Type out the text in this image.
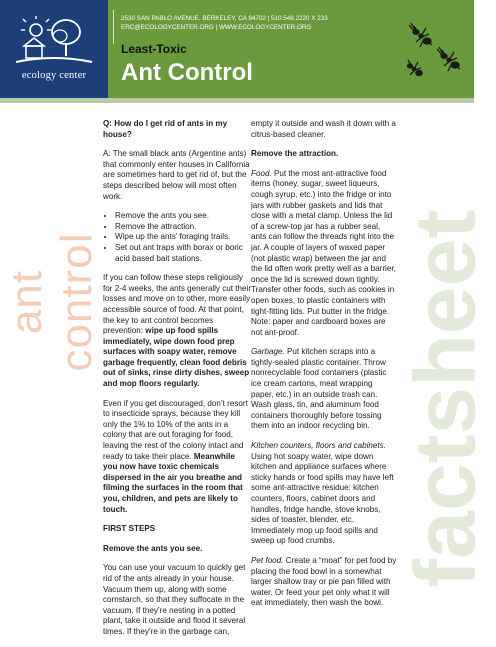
ecology center
2530 SAN PABLO AVENUE, BERKELEY, CA 94702 | 510.548.2220 X 233
ERC@ECOLOGYCENTER.ORG | WWW.ECOLOGYCENTER.ORG
Least-Toxic
Ant Control
ant control	factsheet

Q: How do I get rid of ants in my house?

A: The small black ants (Argentine ants) that commonly enter houses in California are sometimes hard to get rid of, but the steps described below will most often work.

• Remove the ants you see.
• Remove the attraction.
• Wipe up the ants’ foraging trails.
• Set out ant traps with borax or boric acid based bait stations.

If you can follow these steps religiously for 2-4 weeks, the ants generally cut their losses and move on to other, more easily accessible source of food. At that point, the key to ant control becomes prevention: wipe up food spills immediately, wipe down food prep surfaces with soapy water, remove garbage frequently, clean food debris out of sinks, rinse dirty dishes, sweep and mop floors regularly.

Even if you get discouraged, don’t resort to insecticide sprays, because they kill only the 1% to 10% of the ants in a colony that are out foraging for food, leaving the rest of the colony intact and ready to take their place. Meanwhile you now have toxic chemicals dispersed in the air you breathe and filming the surfaces in the room that you, children, and pets are likely to touch.

FIRST STEPS

Remove the ants you see.

You can use your vacuum to quickly get rid of the ants already in your house. Vacuum them up, along with some cornstarch, so that they suffocate in the vacuum. If they’re nesting in a potted plant, take it outside and flood it several times. If they’re in the garbage can,

empty it outside and wash it down with a citrus-based cleaner.

Remove the attraction.

Food. Put the most ant-attractive food items (honey, sugar, sweet liqueurs, cough syrup, etc.) into the fridge or into jars with rubber gaskets and lids that close with a metal clamp. Unless the lid of a screw-top jar has a rubber seal, ants can follow the threads right into the jar. A couple of layers of waxed paper (not plastic wrap) between the jar and the lid often work pretty well as a barrier, once the lid is screwed down tightly. Transfer other foods, such as cookies in open boxes, to plastic containers with tight-fitting lids. Put butter in the fridge. Note: paper and cardboard boxes are not ant-proof.

Garbage. Put kitchen scraps into a tightly-sealed plastic container. Throw nonrecyclable food containers (plastic ice cream cartons, meat wrapping paper, etc.) in an outside trash can. Wash glass, tin, and aluminum food containers thoroughly before tossing them into an indoor recycling bin.

Kitchen counters, floors and cabinets. Using hot soapy water, wipe down kitchen and appliance surfaces where sticky hands or food spills may have left some ant-attractive residue: kitchen counters, floors, cabinet doors and handles, fridge handle, stove knobs, sides of toaster, blender, etc. Immediately mop up food spills and sweep up food crumbs.

Pet food. Create a “moat” for pet food by placing the food bowl in a somewhat larger shallow tray or pie pan filled with water. Or feed your pet only what it will eat immediately, then wash the bowl.
